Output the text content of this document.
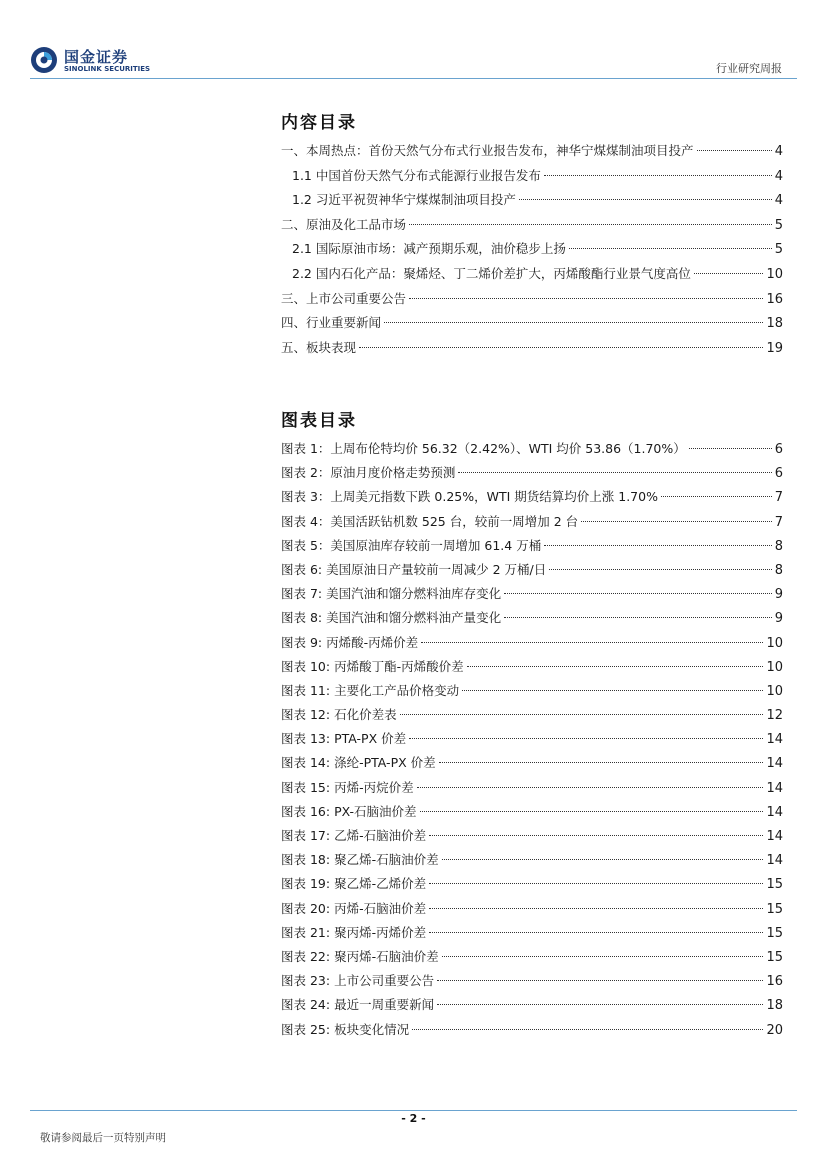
国金证券
SINOLINK SECURITIES	行业研究周报
内容目录
一、本周热点：首份天然气分布式行业报告发布，神华宁煤煤制油项目投产	4
1.1 中国首份天然气分布式能源行业报告发布	4
1.2 习近平祝贺神华宁煤煤制油项目投产	4
二、原油及化工品市场	5
2.1 国际原油市场：减产预期乐观，油价稳步上扬	5
2.2 国内石化产品：聚烯烃、丁二烯价差扩大，丙烯酸酯行业景气度高位	10
三、上市公司重要公告	16
四、行业重要新闻	18
五、板块表现	19
图表目录
图表 1：上周布伦特均价 56.32（2.42%）、WTI 均价 53.86（1.70%）	6
图表 2：原油月度价格走势预测	6
图表 3：上周美元指数下跌 0.25%，WTI 期货结算均价上涨 1.70%	7
图表 4：美国活跃钻机数 525 台，较前一周增加 2 台	7
图表 5：美国原油库存较前一周增加 61.4 万桶	8
图表 6: 美国原油日产量较前一周减少 2 万桶/日	8
图表 7: 美国汽油和馏分燃料油库存变化	9
图表 8: 美国汽油和馏分燃料油产量变化	9
图表 9: 丙烯酸-丙烯价差	10
图表 10: 丙烯酸丁酯-丙烯酸价差	10
图表 11: 主要化工产品价格变动	10
图表 12: 石化价差表	12
图表 13: PTA-PX 价差	14
图表 14: 涤纶-PTA-PX 价差	14
图表 15: 丙烯-丙烷价差	14
图表 16: PX-石脑油价差	14
图表 17: 乙烯-石脑油价差	14
图表 18: 聚乙烯-石脑油价差	14
图表 19: 聚乙烯-乙烯价差	15
图表 20: 丙烯-石脑油价差	15
图表 21: 聚丙烯-丙烯价差	15
图表 22: 聚丙烯-石脑油价差	15
图表 23: 上市公司重要公告	16
图表 24: 最近一周重要新闻	18
图表 25: 板块变化情况	20
- 2 -
敬请参阅最后一页特别声明
